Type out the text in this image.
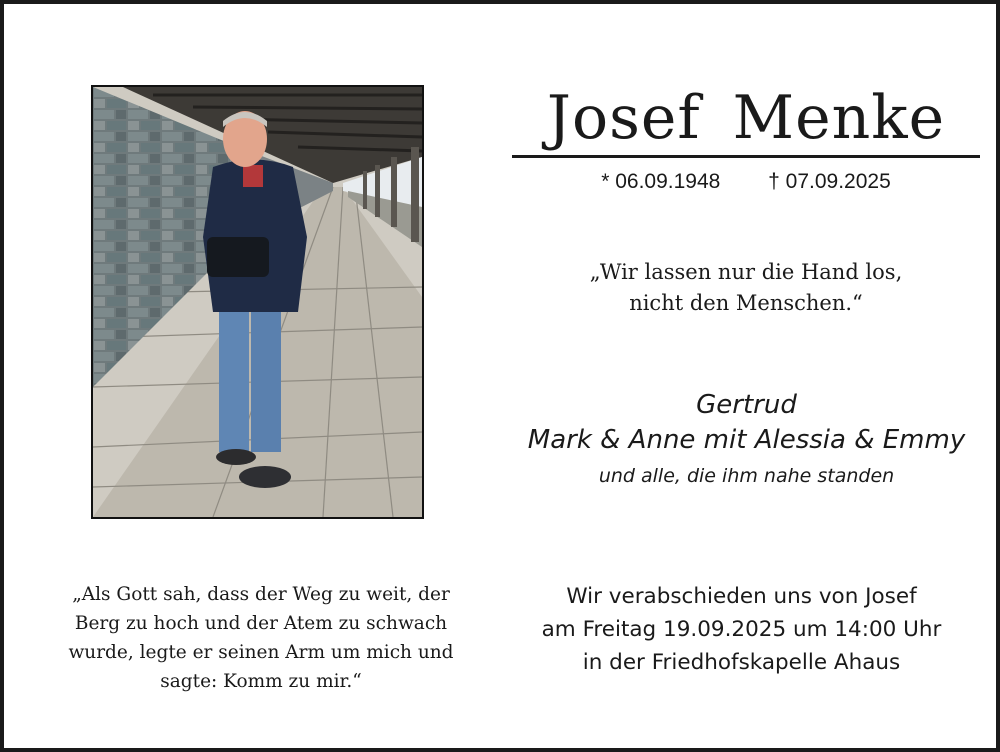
Josef Menke
* 06.09.1948 † 07.09.2025
„Wir lassen nur die Hand los,
nicht den Menschen.“
Gertrud
Mark & Anne mit Alessia & Emmy
und alle, die ihm nahe standen
„Als Gott sah, dass der Weg zu weit, der
Berg zu hoch und der Atem zu schwach
wurde, legte er seinen Arm um mich und
sagte: Komm zu mir.“
Wir verabschieden uns von Josef
am Freitag 19.09.2025 um 14:00 Uhr
in der Friedhofskapelle Ahaus
